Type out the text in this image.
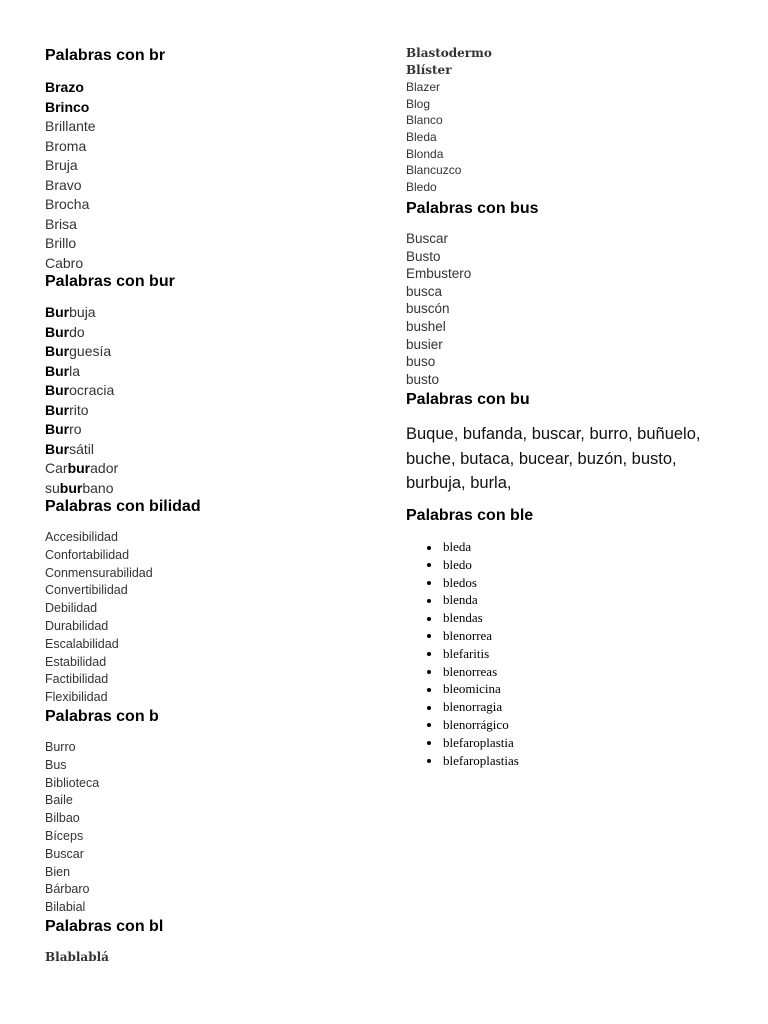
Palabras con br
Brazo
Brinco
Brillante
Broma
Bruja
Bravo
Brocha
Brisa
Brillo
Cabro
Palabras con bur
Burbuja
Burdo
Burguesía
Burla
Burocracia
Burrito
Burro
Bursátil
Carburador
suburbano
Palabras con bilidad
Accesibilidad
Confortabilidad
Conmensurabilidad
Convertibilidad
Debilidad
Durabilidad
Escalabilidad
Estabilidad
Factibilidad
Flexibilidad
Palabras con b
Burro
Bus
Biblioteca
Baile
Bilbao
Bíceps
Buscar
Bien
Bárbaro
Bilabial
Palabras con bl
Blablablá
Blastodermo
Blíster
Blazer
Blog
Blanco
Bleda
Blonda
Blancuzco
Bledo
Palabras con bus
Buscar
Busto
Embustero
busca
buscón
bushel
busier
buso
busto
Palabras con bu

Buque, bufanda, buscar, burro, buñuelo, buche, butaca, bucear, buzón, busto, burbuja, burla,

Palabras con ble
bleda
bledo
bledos
blenda
blendas
blenorrea
blefaritis
blenorreas
bleomicina
blenorragia
blenorrágico
blefaroplastia
blefaroplastias
